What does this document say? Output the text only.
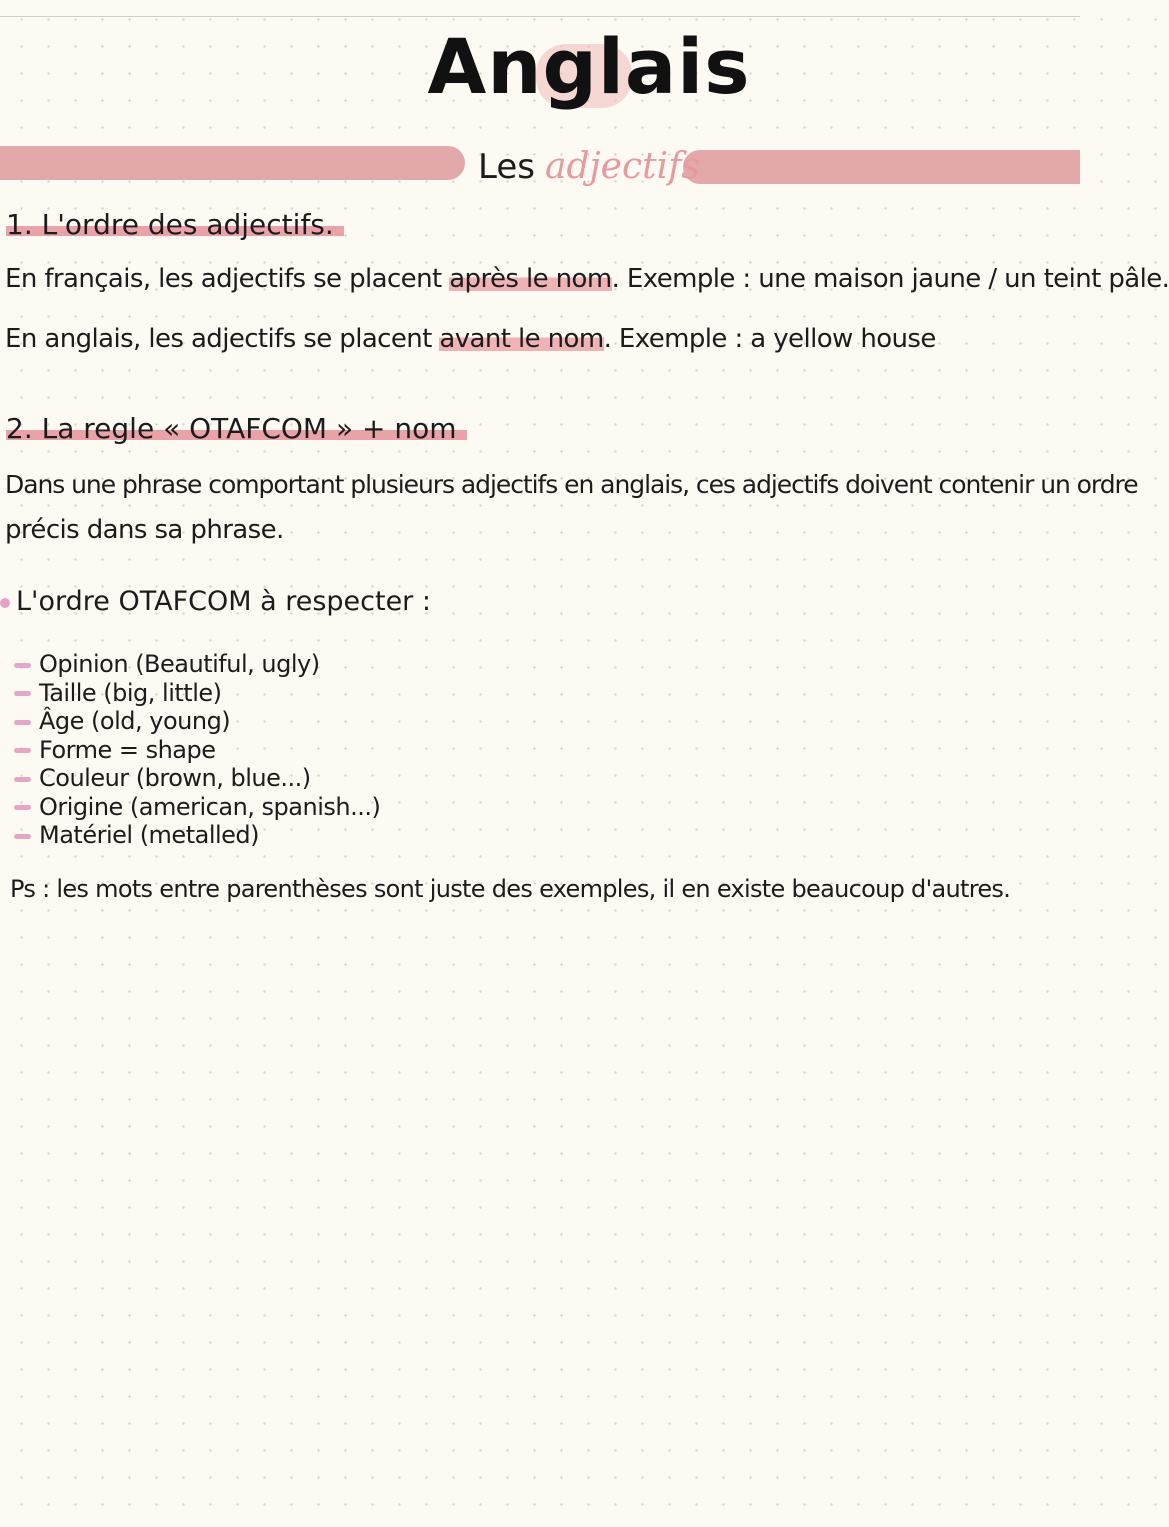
Anglais
Les adjectifs
1. L'ordre des adjectifs.
En français, les adjectifs se placent après le nom. Exemple : une maison jaune / un teint pâle.
En anglais, les adjectifs se placent avant le nom. Exemple : a yellow house
2. La regle « OTAFCOM » + nom
Dans une phrase comportant plusieurs adjectifs en anglais, ces adjectifs doivent contenir un ordre
précis dans sa phrase.
L'ordre OTAFCOM à respecter :
Opinion (Beautiful, ugly)
Taille (big, little)
Âge (old, young)
Forme = shape
Couleur (brown, blue...)
Origine (american, spanish...)
Matériel (metalled)
Ps : les mots entre parenthèses sont juste des exemples, il en existe beaucoup d'autres.
